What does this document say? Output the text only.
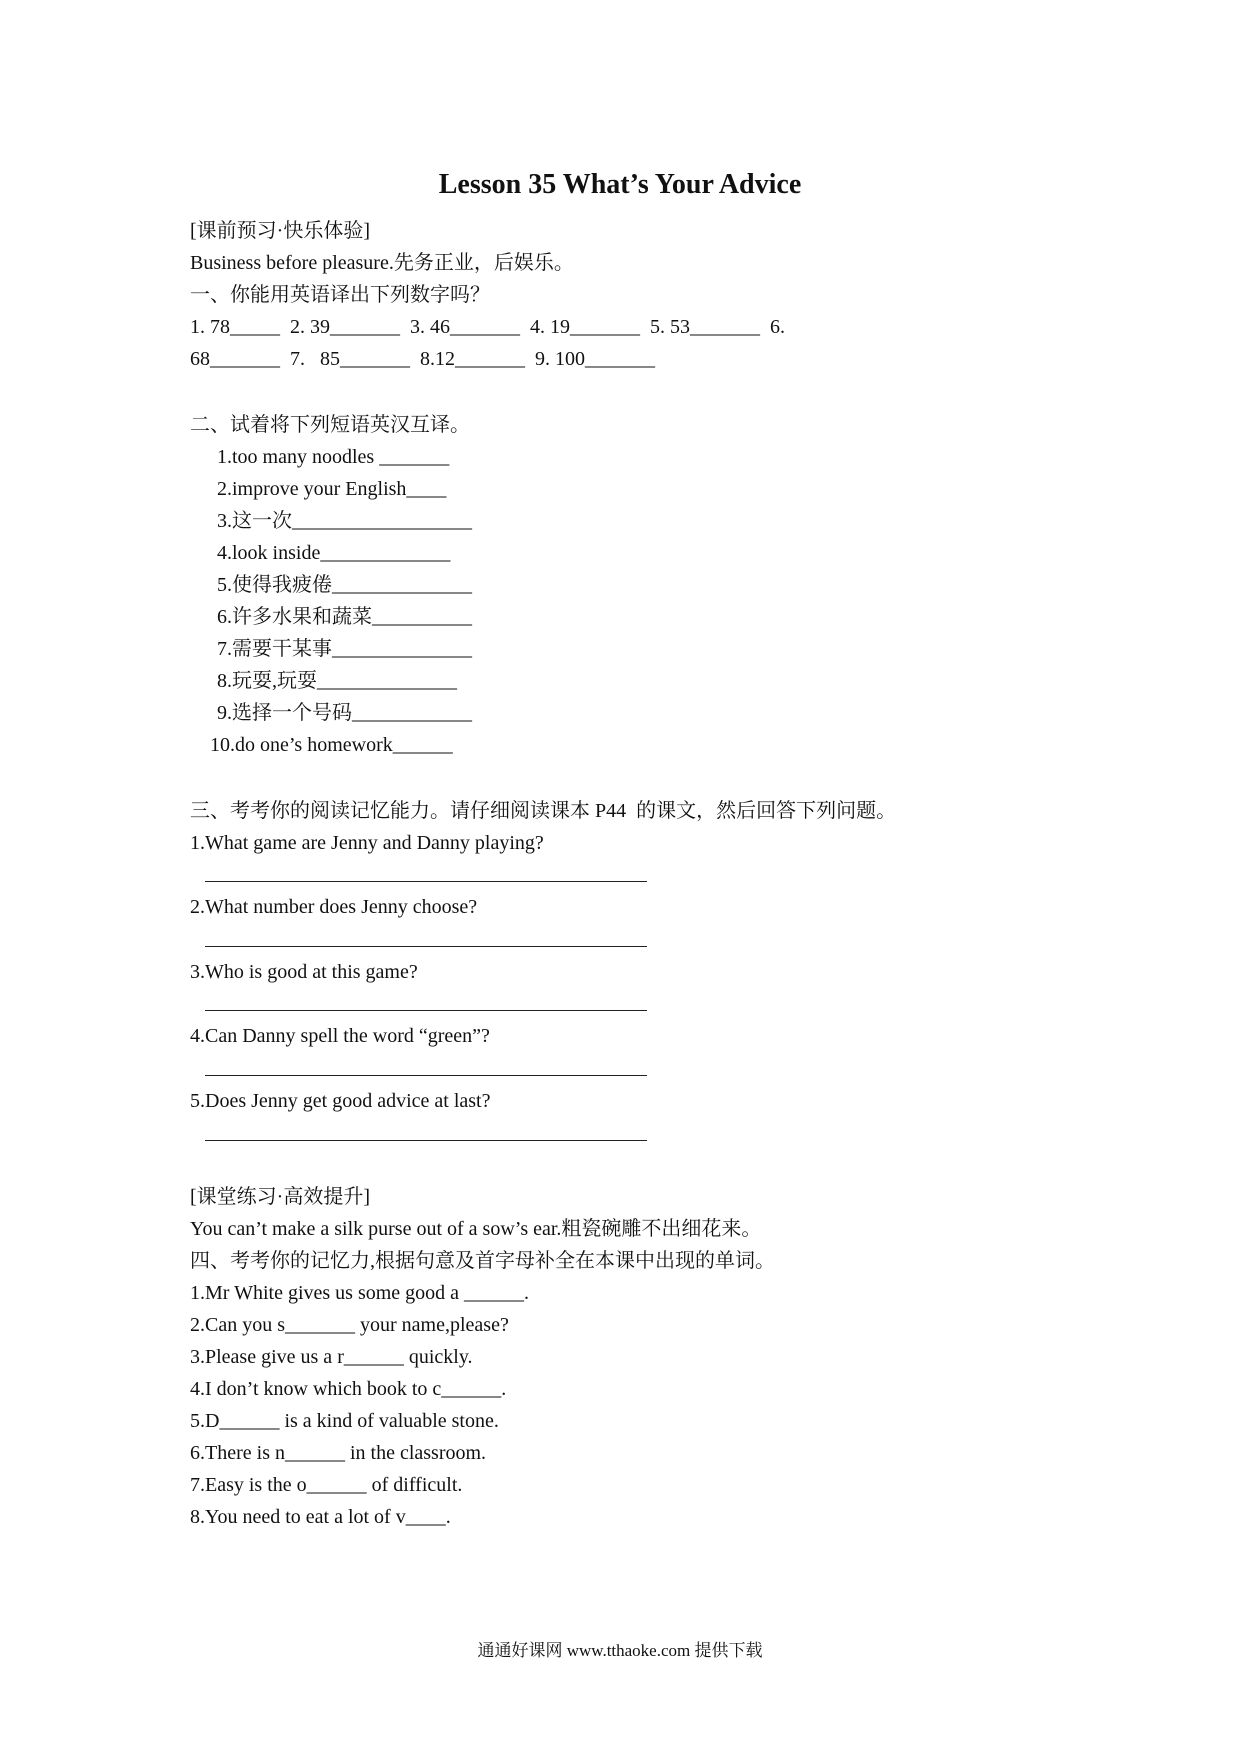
Lesson 35 What’s Your Advice
[课前预习·快乐体验]
Business before pleasure.先务正业，后娱乐。
一、你能用英语译出下列数字吗？
1. 78_____  2. 39_______  3. 46_______  4. 19_______  5. 53_______  6.
68_______  7.   85_______  8.12_______  9. 100_______
二、试着将下列短语英汉互译。
1.too many noodles _______
2.improve your English____
3.这一次__________________
4.look inside_____________
5.使得我疲倦______________
6.许多水果和蔬菜__________
7.需要干某事______________
8.玩耍,玩耍______________
9.选择一个号码____________
10.do one’s homework______
三、考考你的阅读记忆能力。请仔细阅读课本 P44  的课文，然后回答下列问题。
1.What game are Jenny and Danny playing?
2.What number does Jenny choose?
3.Who is good at this game?
4.Can Danny spell the word “green”?
5.Does Jenny get good advice at last?
[课堂练习·高效提升]
You can’t make a silk purse out of a sow’s ear.粗瓷碗雕不出细花来。
四、考考你的记忆力,根据句意及首字母补全在本课中出现的单词。
1.Mr White gives us some good a ______.
2.Can you s_______ your name,please?
3.Please give us a r______ quickly.
4.I don’t know which book to c______.
5.D______ is a kind of valuable stone.
6.There is n______ in the classroom.
7.Easy is the o______ of difficult.
8.You need to eat a lot of v____.
通通好课网 www.tthaoke.com 提供下载
